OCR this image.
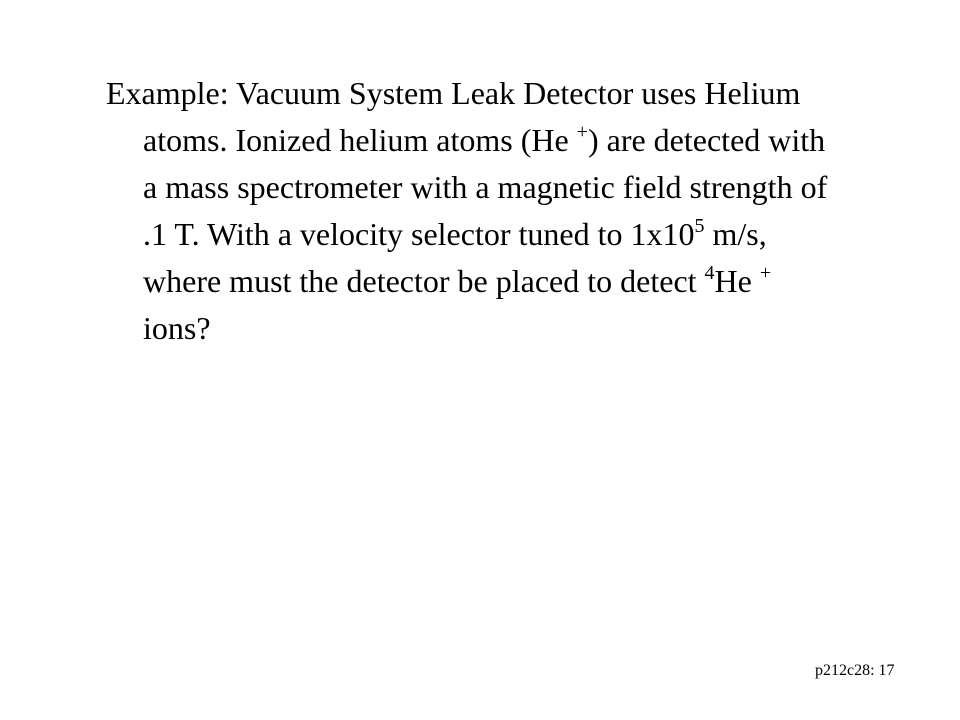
Example: Vacuum System Leak Detector uses Helium
atoms. Ionized helium atoms (He +) are detected with
a mass spectrometer with a magnetic field strength of
.1 T. With a velocity selector tuned to $1x10^5$ m/s,
where must the detector be placed to detect $^4$He +
ions?
p212c28: 17
